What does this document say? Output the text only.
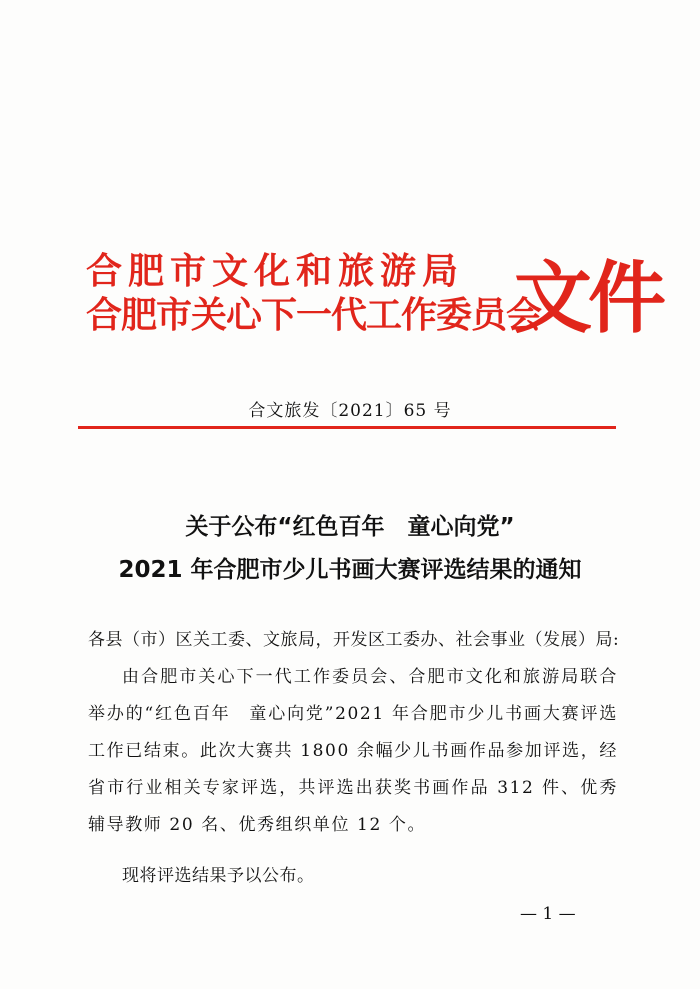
合肥市文化和旅游局
合肥市关心下一代工作委员会
文件
合文旅发〔2021〕65 号
关于公布“红色百年　童心向党”
2021 年合肥市少儿书画大赛评选结果的通知
各县（市）区关工委、文旅局，开发区工委办、社会事业（发展）局:
由合肥市关心下一代工作委员会、合肥市文化和旅游局联合举办的“红色百年　童心向党”2021 年合肥市少儿书画大赛评选工作已结束。此次大赛共 1800 余幅少儿书画作品参加评选，经省市行业相关专家评选，共评选出获奖书画作品 312 件、优秀辅导教师 20 名、优秀组织单位 12 个。
现将评选结果予以公布。
— 1 —
